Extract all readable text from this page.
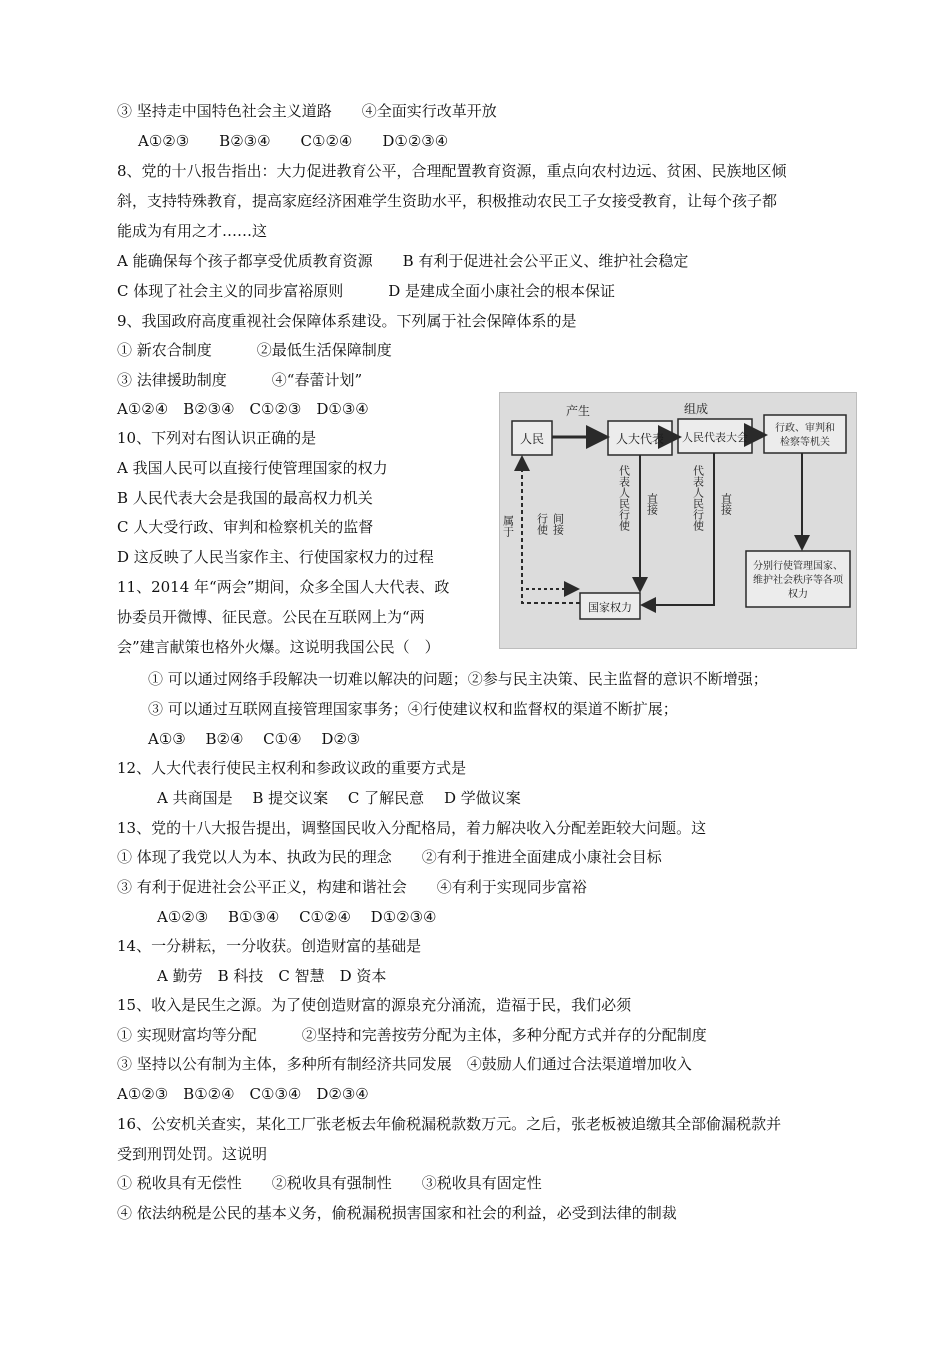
③ 坚持走中国特色社会主义道路　　④全面实行改革开放
A①②③　　B②③④　　C①②④　　D①②③④
8、党的十八报告指出：大力促进教育公平，合理配置教育资源，重点向农村边远、贫困、民族地区倾
斜，支持特殊教育，提高家庭经济困难学生资助水平，积极推动农民工子女接受教育，让每个孩子都
能成为有用之才……这
A 能确保每个孩子都享受优质教育资源　　B 有利于促进社会公平正义、维护社会稳定
C 体现了社会主义的同步富裕原则　　　D 是建成全面小康社会的根本保证
9、我国政府高度重视社会保障体系建设。下列属于社会保障体系的是
① 新农合制度　　　②最低生活保障制度
③ 法律援助制度　　　④“春蕾计划”
A①②④　B②③④　C①②③　D①③④
10、下列对右图认识正确的是
A 我国人民可以直接行使管理国家的权力
B 人民代表大会是我国的最高权力机关
C 人大受行政、审判和检察机关的监督
D 这反映了人民当家作主、行使国家权力的过程
11、2014 年“两会”期间，众多全国人大代表、政
协委员开微博、征民意。公民在互联网上为“两
会”建言献策也格外火爆。这说明我国公民（　）
① 可以通过网络手段解决一切难以解决的问题；②参与民主决策、民主监督的意识不断增强；
③ 可以通过互联网直接管理国家事务；④行使建议权和监督权的渠道不断扩展；
A①③　 B②④　 C①④　 D②③
12、人大代表行使民主权利和参政议政的重要方式是
A 共商国是　 B 提交议案　 C 了解民意　 D 学做议案
13、党的十八大报告提出，调整国民收入分配格局，着力解决收入分配差距较大问题。这
① 体现了我党以人为本、执政为民的理念　　②有利于推进全面建成小康社会目标
③ 有利于促进社会公平正义，构建和谐社会　　④有利于实现同步富裕
A①②③　 B①③④　 C①②④　 D①②③④
14、一分耕耘，一分收获。创造财富的基础是
A 勤劳　B 科技　C 智慧　D 资本
15、收入是民生之源。为了使创造财富的源泉充分涌流，造福于民，我们必须
① 实现财富均等分配　　　②坚持和完善按劳分配为主体，多种分配方式并存的分配制度
③ 坚持以公有制为主体，多种所有制经济共同发展　④鼓励人们通过合法渠道增加收入
A①②③　B①②④　C①③④　D②③④
16、公安机关查实，某化工厂张老板去年偷税漏税款数万元。之后，张老板被追缴其全部偷漏税款并
受到刑罚处罚。这说明
① 税收具有无偿性　　②税收具有强制性　　③税收具有固定性
④ 依法纳税是公民的基本义务，偷税漏税损害国家和社会的利益，必受到法律的制裁
人民	人大代表 人民代表大会
行政、审判和
检察等机关
国家权力
分别行使管理国家、
维护社会秩序等各项
权力
产生	组成
属于 行使 间接	代表人民行使 直接	代表人民行使 直接
